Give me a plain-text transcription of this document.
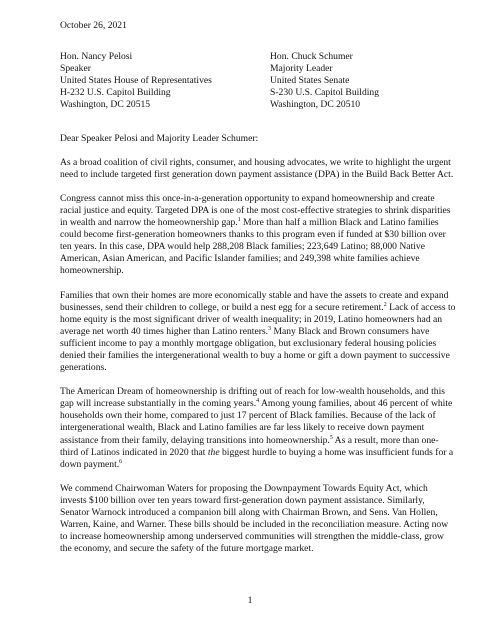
October 26, 2021
Hon. Nancy Pelosi
Speaker
United States House of Representatives
H-232 U.S. Capitol Building
Washington, DC 20515
Hon. Chuck Schumer
Majority Leader
United States Senate
S-230 U.S. Capitol Building
Washington, DC 20510
Dear Speaker Pelosi and Majority Leader Schumer:

As a broad coalition of civil rights, consumer, and housing advocates, we write to highlight the urgent need to include targeted first generation down payment assistance (DPA) in the Build Back Better Act.

Congress cannot miss this once-in-a-generation opportunity to expand homeownership and create racial justice and equity. Targeted DPA is one of the most cost-effective strategies to shrink disparities in wealth and narrow the homeownership gap.$^1$ More than half a million Black and Latino families could become first-generation homeowners thanks to this program even if funded at $30 billion over ten years. In this case, DPA would help 288,208 Black families; 223,649 Latino; 88,000 Native American, Asian American, and Pacific Islander families; and 249,398 white families achieve homeownership.

Families that own their homes are more economically stable and have the assets to create and expand businesses, send their children to college, or build a nest egg for a secure retirement.$^2$ Lack of access to home equity is the most significant driver of wealth inequality; in 2019, Latino homeowners had an average net worth 40 times higher than Latino renters.$^3$ Many Black and Brown consumers have sufficient income to pay a monthly mortgage obligation, but exclusionary federal housing policies denied their families the intergenerational wealth to buy a home or gift a down payment to successive generations.

The American Dream of homeownership is drifting out of reach for low-wealth households, and this gap will increase substantially in the coming years.$^4$ Among young families, about 46 percent of white households own their home, compared to just 17 percent of Black families. Because of the lack of intergenerational wealth, Black and Latino families are far less likely to receive down payment assistance from their family, delaying transitions into homeownership.$^5$ As a result, more than one-third of Latinos indicated in 2020 that the biggest hurdle to buying a home was insufficient funds for a down payment.$^6$

We commend Chairwoman Waters for proposing the Downpayment Towards Equity Act, which invests $100 billion over ten years toward first-generation down payment assistance. Similarly, Senator Warnock introduced a companion bill along with Chairman Brown, and Sens. Van Hollen, Warren, Kaine, and Warner. These bills should be included in the reconciliation measure. Acting now to increase homeownership among underserved communities will strengthen the middle-class, grow the economy, and secure the safety of the future mortgage market.

1
